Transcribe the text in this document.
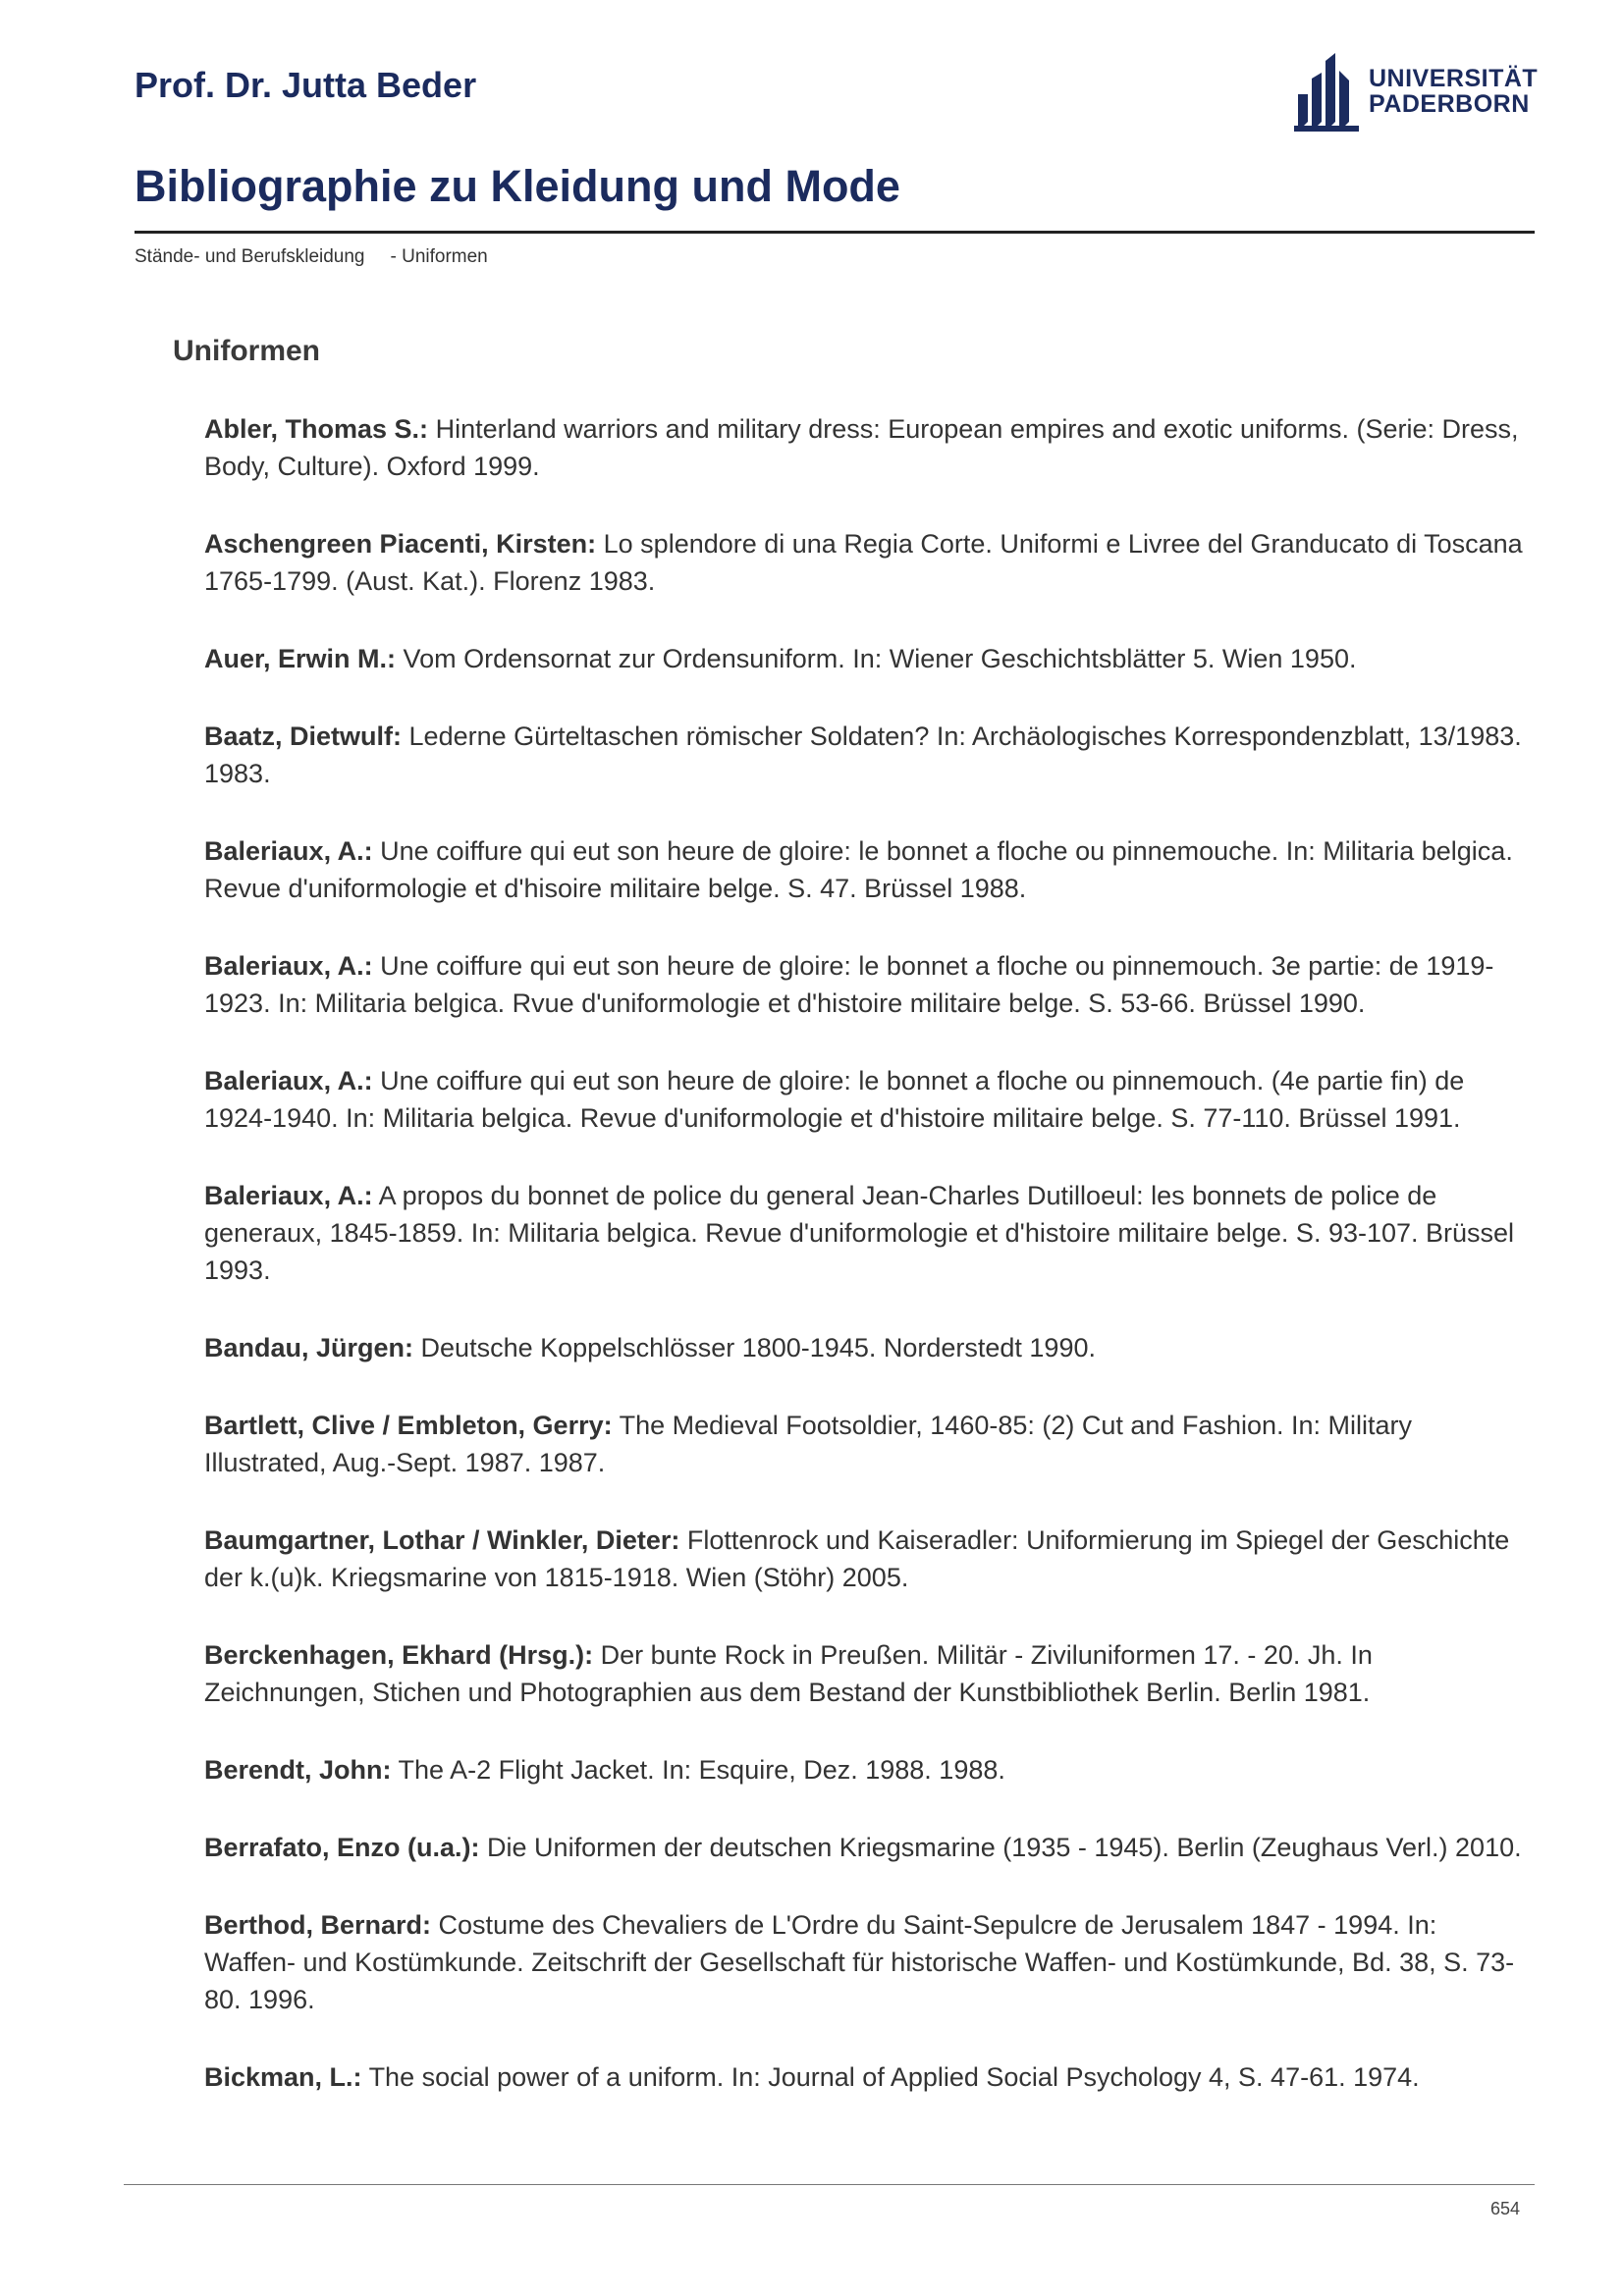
Prof. Dr. Jutta Beder	UNIVERSITÄT
PADERBORN
Bibliographie zu Kleidung und Mode
Stände- und Berufskleidung - Uniformen
Uniformen

Abler, Thomas S.: Hinterland warriors and military dress: European empires and exotic uniforms. (Serie: Dress, Body, Culture). Oxford 1999.

Aschengreen Piacenti, Kirsten: Lo splendore di una Regia Corte. Uniformi e Livree del Granducato di Toscana 1765-1799. (Aust. Kat.). Florenz 1983.

Auer, Erwin M.: Vom Ordensornat zur Ordensuniform. In: Wiener Geschichtsblätter 5. Wien 1950.

Baatz, Dietwulf: Lederne Gürteltaschen römischer Soldaten? In: Archäologisches Korrespondenzblatt, 13/1983. 1983.

Baleriaux, A.: Une coiffure qui eut son heure de gloire: le bonnet a floche ou pinnemouche. In: Militaria belgica. Revue d'uniformologie et d'hisoire militaire belge. S. 47. Brüssel 1988.

Baleriaux, A.: Une coiffure qui eut son heure de gloire: le bonnet a floche ou pinnemouch. 3e partie: de 1919-1923. In: Militaria belgica. Rvue d'uniformologie et d'histoire militaire belge. S. 53-66. Brüssel 1990.

Baleriaux, A.: Une coiffure qui eut son heure de gloire: le bonnet a floche ou pinnemouch. (4e partie fin) de 1924-1940. In: Militaria belgica. Revue d'uniformologie et d'histoire militaire belge. S. 77-110. Brüssel 1991.

Baleriaux, A.: A propos du bonnet de police du general Jean-Charles Dutilloeul: les bonnets de police de generaux, 1845-1859. In: Militaria belgica. Revue d'uniformologie et d'histoire militaire belge. S. 93-107. Brüssel 1993.

Bandau, Jürgen: Deutsche Koppelschlösser 1800-1945. Norderstedt 1990.

Bartlett, Clive / Embleton, Gerry: The Medieval Footsoldier, 1460-85: (2) Cut and Fashion. In: Military Illustrated, Aug.-Sept. 1987. 1987.

Baumgartner, Lothar / Winkler, Dieter: Flottenrock und Kaiseradler: Uniformierung im Spiegel der Geschichte der k.(u)k. Kriegsmarine von 1815-1918. Wien (Stöhr) 2005.

Berckenhagen, Ekhard (Hrsg.): Der bunte Rock in Preußen. Militär - Ziviluniformen 17. - 20. Jh. In Zeichnungen, Stichen und Photographien aus dem Bestand der Kunstbibliothek Berlin. Berlin 1981.

Berendt, John: The A-2 Flight Jacket. In: Esquire, Dez. 1988. 1988.

Berrafato, Enzo (u.a.): Die Uniformen der deutschen Kriegsmarine (1935 - 1945). Berlin (Zeughaus Verl.) 2010.

Berthod, Bernard: Costume des Chevaliers de L'Ordre du Saint-Sepulcre de Jerusalem 1847 - 1994. In: Waffen- und Kostümkunde. Zeitschrift der Gesellschaft für historische Waffen- und Kostümkunde, Bd. 38, S. 73-80. 1996.

Bickman, L.: The social power of a uniform. In: Journal of Applied Social Psychology 4, S. 47-61. 1974.

654
